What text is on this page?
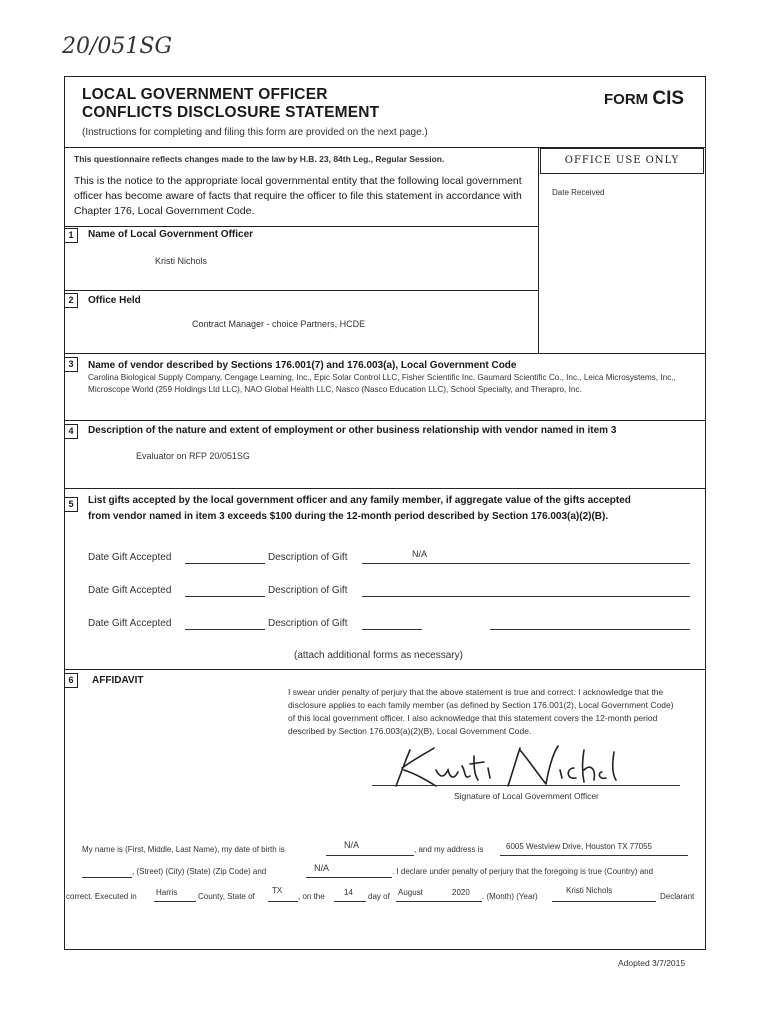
20/051SG
LOCAL GOVERNMENT OFFICER
CONFLICTS DISCLOSURE STATEMENT
FORM CIS
(Instructions for completing and filing this form are provided on the next page.)
This questionnaire reflects changes made to the law by H.B. 23, 84th Leg., Regular Session.	OFFICE USE ONLY
Date Received
This is the notice to the appropriate local governmental entity that the following local government officer has become aware of facts that require the officer to file this statement in accordance with Chapter 176, Local Government Code.
1	Name of Local Government Officer
Kristi Nichols
2	Office Held
Contract Manager - choice Partners, HCDE
3	Name of vendor described by Sections 176.001(7) and 176.003(a), Local Government Code
Carolina Biological Supply Company, Cengage Learning, Inc., Epic Solar Control LLC, Fisher Scientific Inc. Gaumard Scientific Co., Inc., Leica Microsystems, Inc., Microscope World (259 Holdings Ltd LLC), NAO Global Health LLC, Nasco (Nasco Education LLC), School Specialty, and Therapro, Inc.
4	Description of the nature and extent of employment or other business relationship with vendor named in item 3
Evaluator on RFP 20/051SG
5	List gifts accepted by the local government officer and any family member, if aggregate value of the gifts accepted
from vendor named in item 3 exceeds $100 during the 12-month period described by Section 176.003(a)(2)(B).
Date Gift Accepted	Description of Gift	N/A
Date Gift Accepted	Description of Gift
Date Gift Accepted	Description of Gift
(attach additional forms as necessary)
6	AFFIDAVIT
I swear under penalty of perjury that the above statement is true and correct. I acknowledge that the disclosure applies to each family member (as defined by Section 176.001(2), Local Government Code) of this local government officer. I also acknowledge that this statement covers the 12-month period described by Section 176.003(a)(2)(B), Local Government Code.
Signature of Local Government Officer
My name is (First, Middle, Last Name), my date of birth is	N/A	, and my address is	6005 Westview Drive, Houston TX 77055
, (Street) (City) (State) (Zip Code) and	N/A	. I declare under penalty of perjury that the foregoing is true (Country) and
correct. Executed in Harris	County, State of
TX
, on the 14 day of August	2020 . (Month) (Year)
Kristi Nichols
Declarant
Adopted 3/7/2015
